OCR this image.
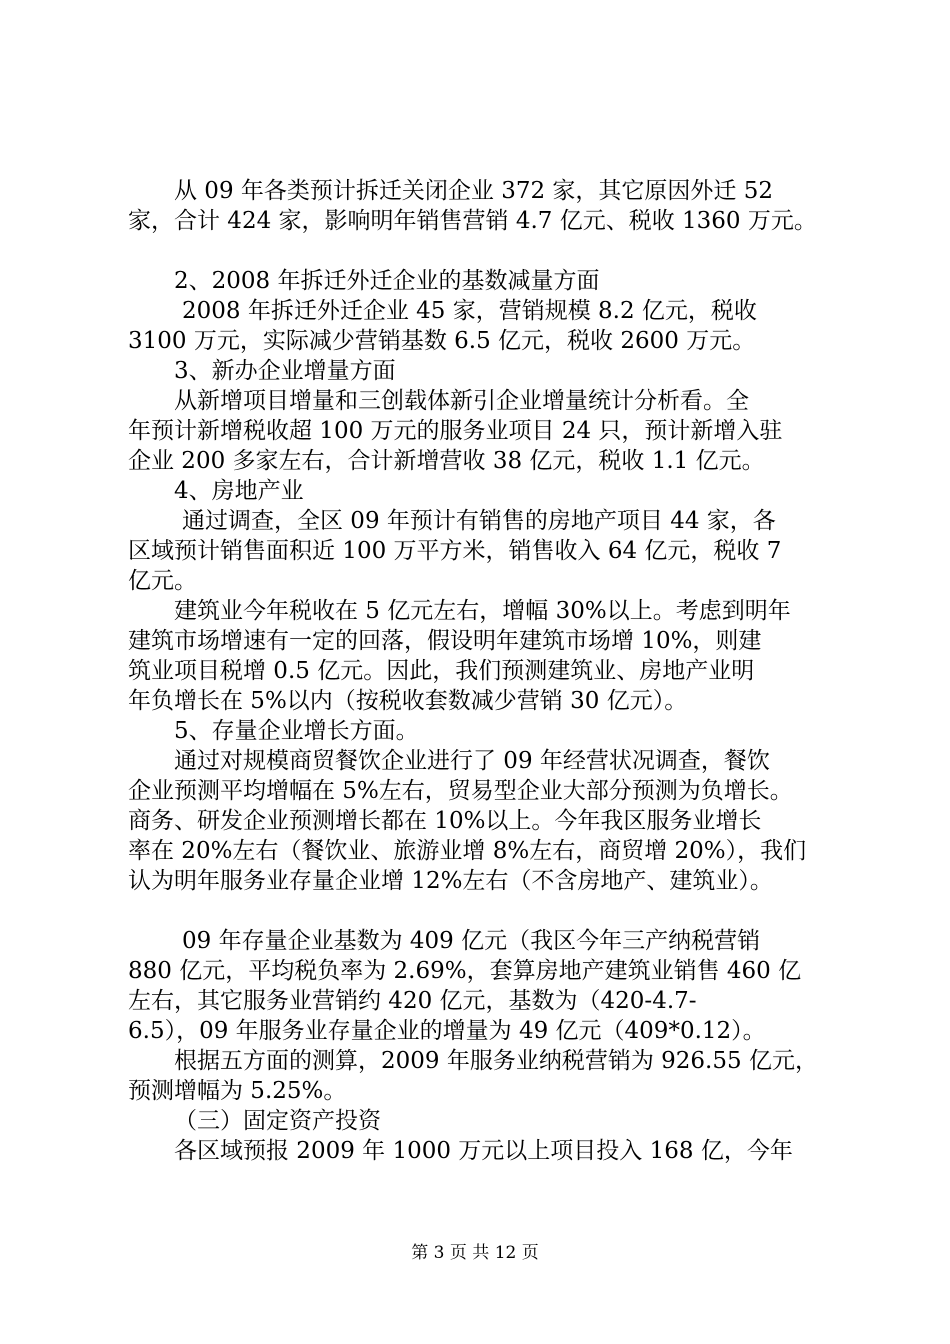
从 09 年各类预计拆迁关闭企业 372 家，其它原因外迁 52
家，合计 424 家，影响明年销售营销 4.7 亿元、税收 1360 万元。
2、2008 年拆迁外迁企业的基数减量方面
2008 年拆迁外迁企业 45 家，营销规模 8.2 亿元，税收
3100 万元，实际减少营销基数 6.5 亿元，税收 2600 万元。
3、新办企业增量方面
从新增项目增量和三创载体新引企业增量统计分析看。全
年预计新增税收超 100 万元的服务业项目 24 只，预计新增入驻
企业 200 多家左右，合计新增营收 38 亿元，税收 1.1 亿元。
4、房地产业
通过调查，全区 09 年预计有销售的房地产项目 44 家，各
区域预计销售面积近 100 万平方米，销售收入 64 亿元，税收 7
亿元。
建筑业今年税收在 5 亿元左右，增幅 30%以上。考虑到明年
建筑市场增速有一定的回落，假设明年建筑市场增 10%，则建
筑业项目税增 0.5 亿元。因此，我们预测建筑业、房地产业明
年负增长在 5%以内（按税收套数减少营销 30 亿元）。
5、存量企业增长方面。
通过对规模商贸餐饮企业进行了 09 年经营状况调查，餐饮
企业预测平均增幅在 5%左右，贸易型企业大部分预测为负增长。
商务、研发企业预测增长都在 10%以上。今年我区服务业增长
率在 20%左右（餐饮业、旅游业增 8%左右，商贸增 20%），我们
认为明年服务业存量企业增 12%左右（不含房地产、建筑业）。
09 年存量企业基数为 409 亿元（我区今年三产纳税营销
880 亿元，平均税负率为 2.69%，套算房地产建筑业销售 460 亿
左右，其它服务业营销约 420 亿元，基数为（420-4.7-
6.5），09 年服务业存量企业的增量为 49 亿元（409*0.12）。
根据五方面的测算，2009 年服务业纳税营销为 926.55 亿元，
预测增幅为 5.25%。
（三）固定资产投资
各区域预报 2009 年 1000 万元以上项目投入 168 亿，今年
第 3 页 共 12 页
